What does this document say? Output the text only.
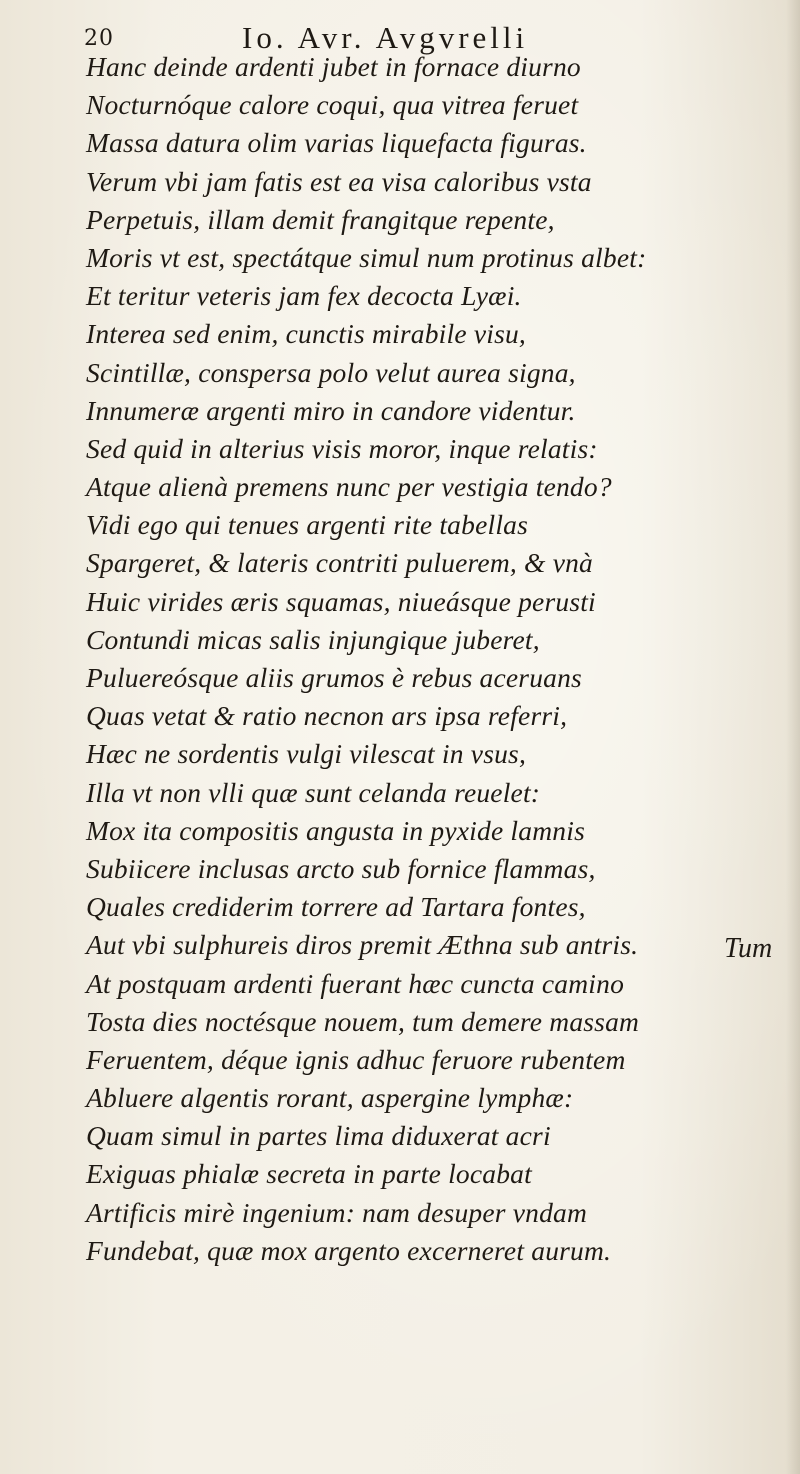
20	Io. Avr. Avgvrelli
Hanc deinde ardenti jubet in fornace diurno
Nocturnóque calore coqui, qua vitrea feruet
Massa datura olim varias liquefacta figuras.
Verum vbi jam fatis est ea visa caloribus vsta
Perpetuis, illam demit frangitque repente,
Moris vt est, spectátque simul num protinus albet:
Et teritur veteris jam fex decocta Lyæi.
Interea sed enim, cunctis mirabile visu,
Scintillæ, conspersa polo velut aurea signa,
Innumeræ argenti miro in candore videntur.
Sed quid in alterius visis moror, inque relatis:
Atque alienà premens nunc per vestigia tendo?
Vidi ego qui tenues argenti rite tabellas
Spargeret, & lateris contriti puluerem, & vnà
Huic virides æris squamas, niueásque perusti
Contundi micas salis injungique juberet,
Puluereósque aliis grumos è rebus aceruans
Quas vetat & ratio necnon ars ipsa referri,
Hæc ne sordentis vulgi vilescat in vsus,
Illa vt non vlli quæ sunt celanda reuelet:
Mox ita compositis angusta in pyxide lamnis
Subiicere inclusas arcto sub fornice flammas,
Quales crediderim torrere ad Tartara fontes,
Aut vbi sulphureis diros premit Æthna sub antris.
At postquam ardenti fuerant hæc cuncta camino
Tosta dies noctésque nouem, tum demere massam
Feruentem, déque ignis adhuc feruore rubentem
Abluere algentis rorant, aspergine lymphæ:
Quam simul in partes lima diduxerat acri
Exiguas phialæ secreta in parte locabat
Artificis mirè ingenium: nam desuper vndam
Fundebat, quæ mox argento excerneret aurum.
Tum
